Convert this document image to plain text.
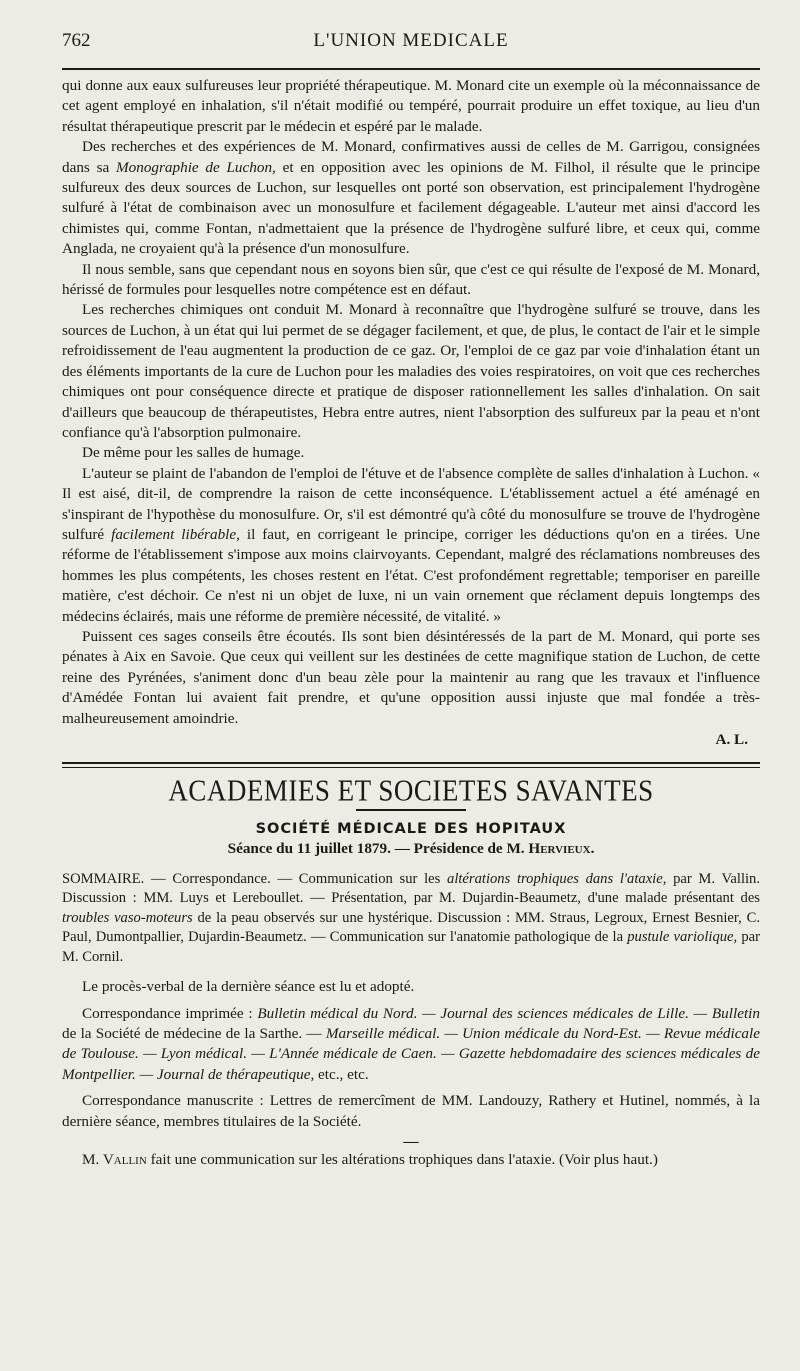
762	L'UNION MEDICALE

qui donne aux eaux sulfureuses leur propriété thérapeutique. M. Monard cite un exemple où la méconnaissance de cet agent employé en inhalation, s'il n'était modifié ou tempéré, pourrait produire un effet toxique, au lieu d'un résultat thérapeutique prescrit par le médecin et espéré par le malade.

Des recherches et des expériences de M. Monard, confirmatives aussi de celles de M. Garrigou, consignées dans sa Monographie de Luchon, et en opposition avec les opinions de M. Filhol, il résulte que le principe sulfureux des deux sources de Luchon, sur lesquelles ont porté son observation, est principalement l'hydrogène sulfuré à l'état de combinaison avec un monosulfure et facilement dégageable. L'auteur met ainsi d'accord les chimistes qui, comme Fontan, n'admettaient que la présence de l'hydrogène sulfuré libre, et ceux qui, comme Anglada, ne croyaient qu'à la présence d'un monosulfure.

Il nous semble, sans que cependant nous en soyons bien sûr, que c'est ce qui résulte de l'exposé de M. Monard, hérissé de formules pour lesquelles notre compétence est en défaut.

Les recherches chimiques ont conduit M. Monard à reconnaître que l'hydrogène sulfuré se trouve, dans les sources de Luchon, à un état qui lui permet de se dégager facilement, et que, de plus, le contact de l'air et le simple refroidissement de l'eau augmentent la production de ce gaz. Or, l'emploi de ce gaz par voie d'inhalation étant un des éléments importants de la cure de Luchon pour les maladies des voies respiratoires, on voit que ces recherches chimiques ont pour conséquence directe et pratique de disposer rationnellement les salles d'inhalation. On sait d'ailleurs que beaucoup de thérapeutistes, Hebra entre autres, nient l'absorption des sulfureux par la peau et n'ont confiance qu'à l'absorption pulmonaire.

De même pour les salles de humage.

L'auteur se plaint de l'abandon de l'emploi de l'étuve et de l'absence complète de salles d'inhalation à Luchon. « Il est aisé, dit-il, de comprendre la raison de cette inconséquence. L'établissement actuel a été aménagé en s'inspirant de l'hypothèse du monosulfure. Or, s'il est démontré qu'à côté du monosulfure se trouve de l'hydrogène sulfuré facilement libérable, il faut, en corrigeant le principe, corriger les déductions qu'on en a tirées. Une réforme de l'établissement s'impose aux moins clairvoyants. Cependant, malgré des réclamations nombreuses des hommes les plus compétents, les choses restent en l'état. C'est profondément regrettable; temporiser en pareille matière, c'est déchoir. Ce n'est ni un objet de luxe, ni un vain ornement que réclament depuis longtemps des médecins éclairés, mais une réforme de première nécessité, de vitalité. »

Puissent ces sages conseils être écoutés. Ils sont bien désintéressés de la part de M. Monard, qui porte ses pénates à Aix en Savoie. Que ceux qui veillent sur les destinées de cette magnifique station de Luchon, de cette reine des Pyrénées, s'animent donc d'un beau zèle pour la maintenir au rang que les travaux et l'influence d'Amédée Fontan lui avaient fait prendre, et qu'une opposition aussi injuste que mal fondée a très-malheureusement amoindrie.

A. L.

ACADEMIES ET SOCIETES SAVANTES

SOCIÉTÉ MÉDICALE DES HOPITAUX

Séance du 11 juillet 1879. — Présidence de M. Hervieux.

SOMMAIRE. — Correspondance. — Communication sur les altérations trophiques dans l'ataxie, par M. Vallin. Discussion : MM. Luys et Lereboullet. — Présentation, par M. Dujardin-Beaumetz, d'une malade présentant des troubles vaso-moteurs de la peau observés sur une hystérique. Discussion : MM. Straus, Legroux, Ernest Besnier, C. Paul, Dumontpallier, Dujardin-Beaumetz. — Communication sur l'anatomie pathologique de la pustule variolique, par M. Cornil.

Le procès-verbal de la dernière séance est lu et adopté.

Correspondance imprimée : Bulletin médical du Nord. — Journal des sciences médicales de Lille. — Bulletin de la Société de médecine de la Sarthe. — Marseille médical. — Union médicale du Nord-Est. — Revue médicale de Toulouse. — Lyon médical. — L'Année médicale de Caen. — Gazette hebdomadaire des sciences médicales de Montpellier. — Journal de thérapeutique, etc., etc.

Correspondance manuscrite : Lettres de remercîment de MM. Landouzy, Rathery et Hutinel, nommés, à la dernière séance, membres titulaires de la Société.

—

M. Vallin fait une communication sur les altérations trophiques dans l'ataxie. (Voir plus haut.)
